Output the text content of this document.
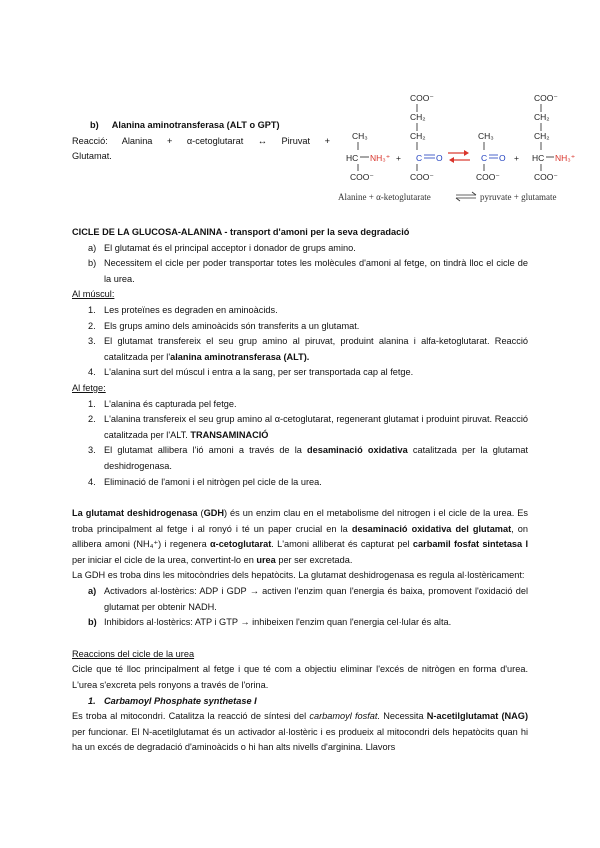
b) Alanina aminotransferasa (ALT o GPT)
Reacció: Alanina + α-cetoglutarat ↔ Piruvat +
Glutamat.
COO⁻
CH₂
CH₂
C O
COO⁻
CH₃
HC NH₃⁺
COO⁻
+
CH₃
C O
COO⁻
+
COO⁻
CH₂
CH₂
HC NH₃⁺
COO⁻
Alanine + α-ketoglutarate	pyruvate + glutamate
CICLE DE LA GLUCOSA-ALANINA - transport d'amoni per la seva degradació
a) El glutamat és el principal acceptor i donador de grups amino.
b) Necessitem el cicle per poder transportar totes les molècules d'amoni al fetge, on tindrà lloc el cicle de la urea.
Al múscul:
1. Les proteïnes es degraden en aminoàcids.
2. Els grups amino dels aminoàcids són transferits a un glutamat.
3. El glutamat transfereix el seu grup amino al piruvat, produint alanina i alfa-ketoglutarat. Reacció catalitzada per l'alanina aminotransferasa (ALT).
4. L'alanina surt del múscul i entra a la sang, per ser transportada cap al fetge.
Al fetge:
1. L'alanina és capturada pel fetge.
2. L'alanina transfereix el seu grup amino al α-cetoglutarat, regenerant glutamat i produint piruvat. Reacció catalitzada per l'ALT. TRANSAMINACIÓ
3. El glutamat allibera l'ió amoni a través de la desaminació oxidativa catalitzada per la glutamat deshidrogenasa.
4. Eliminació de l'amoni i el nitrògen pel cicle de la urea.
La glutamat deshidrogenasa (GDH) és un enzim clau en el metabolisme del nitrogen i el cicle de la urea. Es troba principalment al fetge i al ronyó i té un paper crucial en la desaminació oxidativa del glutamat, on allibera amoni (NH₄⁺) i regenera α-cetoglutarat. L'amoni alliberat és capturat pel carbamil fosfat sintetasa I per iniciar el cicle de la urea, convertint-lo en urea per ser excretada.
La GDH es troba dins les mitocòndries dels hepatòcits. La glutamat deshidrogenasa es regula al·lostèricament:
a) Activadors al·lostèrics: ADP i GDP → activen l'enzim quan l'energia és baixa, promovent l'oxidació del glutamat per obtenir NADH.
b) Inhibidors al·lostèrics: ATP i GTP → inhibeixen l'enzim quan l'energia cel·lular és alta.
Reaccions del cicle de la urea
Cicle que té lloc principalment al fetge i que té com a objectiu eliminar l'excés de nitrògen en forma d'urea. L'urea s'excreta pels ronyons a través de l'orina.
1. Carbamoyl Phosphate synthetase I
Es troba al mitocondri. Catalitza la reacció de síntesi del carbamoyl fosfat. Necessita N-acetilglutamat (NAG) per funcionar. El N-acetilglutamat és un activador al·lostèric i es produeix al mitocondri dels hepatòcits quan hi ha un excés de degradació d'aminoàcids o hi han alts nivells d'arginina. Llavors
